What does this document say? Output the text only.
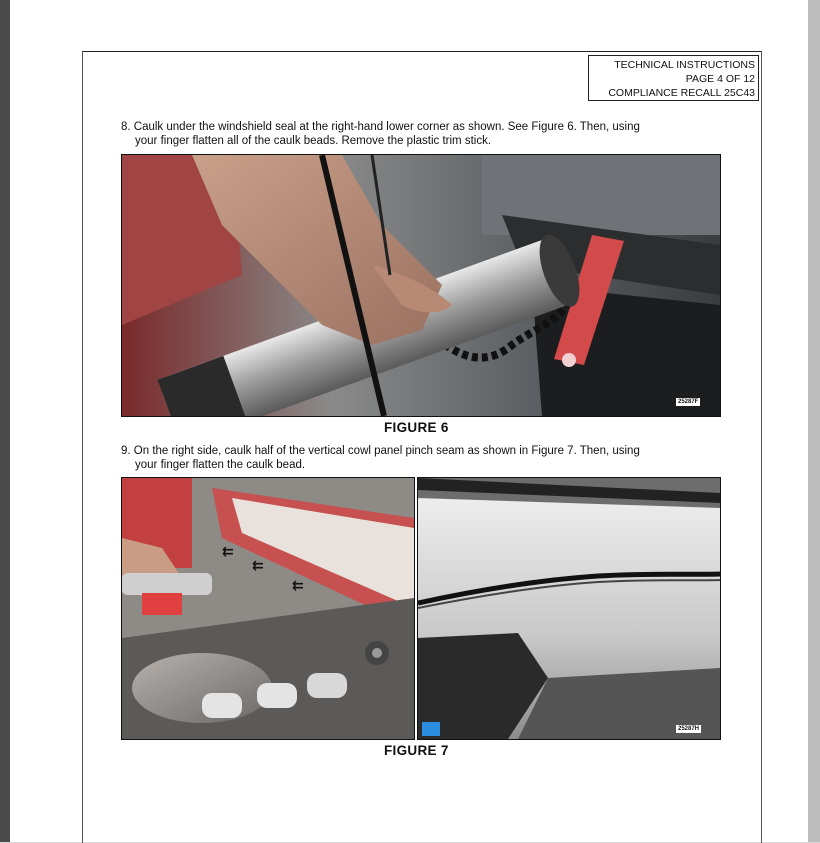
TECHNICAL INSTRUCTIONS
PAGE 4 OF 12
COMPLIANCE RECALL 25C43
8. Caulk under the windshield seal at the right-hand lower corner as shown. See Figure 6. Then, using
your finger flatten all of the caulk beads. Remove the plastic trim stick.
25287F
FIGURE 6
9. On the right side, caulk half of the vertical cowl panel pinch seam as shown in Figure 7. Then, using
your finger flatten the caulk bead.
⇇
⇇
⇇
25287H
FIGURE 7
